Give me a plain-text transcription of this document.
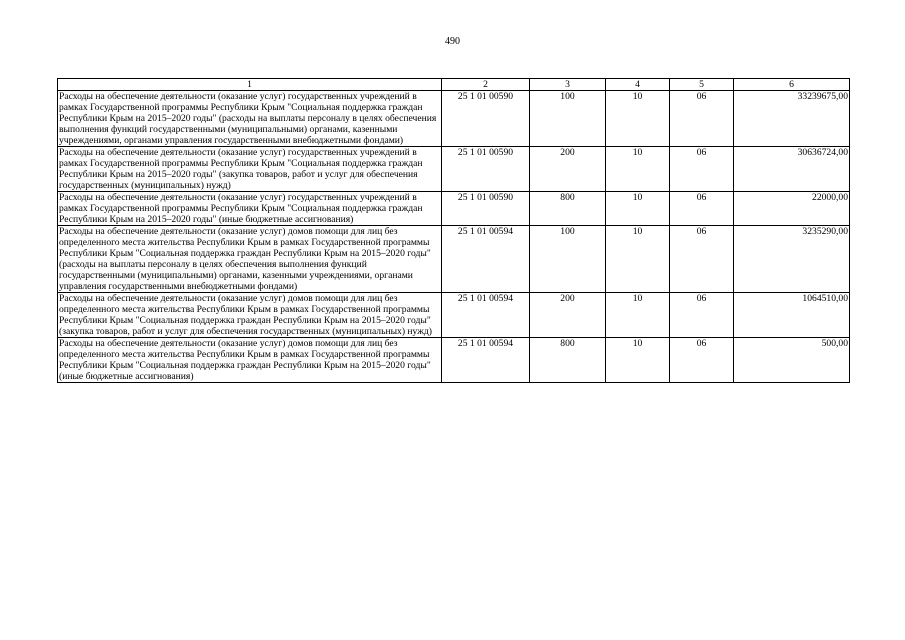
490
1	2	3	4	5	6
Расходы на обеспечение деятельности (оказание услуг) государственных учреждений в рамках Государственной программы Республики Крым "Социальная поддержка граждан Республики Крым на 2015–2020 годы" (расходы на выплаты персоналу в целях обеспечения выполнения функций государственными (муниципальными) органами, казенными учреждениями, органами управления государственными внебюджетными фондами)	25 1 01 00590	100	10	06	33239675,00
Расходы на обеспечение деятельности (оказание услуг) государственных учреждений в рамках Государственной программы Республики Крым "Социальная поддержка граждан Республики Крым на 2015–2020 годы" (закупка товаров, работ и услуг для обеспечения государственных (муниципальных) нужд)	25 1 01 00590	200	10	06	30636724,00
Расходы на обеспечение деятельности (оказание услуг) государственных учреждений в рамках Государственной программы Республики Крым "Социальная поддержка граждан Республики Крым на 2015–2020 годы" (иные бюджетные ассигнования)	25 1 01 00590	800	10	06	22000,00
Расходы на обеспечение деятельности (оказание услуг) домов помощи для лиц без определенного места жительства Республики Крым в рамках Государственной программы Республики Крым "Социальная поддержка граждан Республики Крым на 2015–2020 годы" (расходы на выплаты персоналу в целях обеспечения выполнения функций государственными (муниципальными) органами, казенными учреждениями, органами управления государственными внебюджетными фондами)	25 1 01 00594	100	10	06	3235290,00
Расходы на обеспечение деятельности (оказание услуг) домов помощи для лиц без определенного места жительства Республики Крым в рамках Государственной программы Республики Крым "Социальная поддержка граждан Республики Крым на 2015–2020 годы" (закупка товаров, работ и услуг для обеспечения государственных (муниципальных) нужд)	25 1 01 00594	200	10	06	1064510,00
Расходы на обеспечение деятельности (оказание услуг) домов помощи для лиц без определенного места жительства Республики Крым в рамках Государственной программы Республики Крым "Социальная поддержка граждан Республики Крым на 2015–2020 годы" (иные бюджетные ассигнования)	25 1 01 00594	800	10	06	500,00
